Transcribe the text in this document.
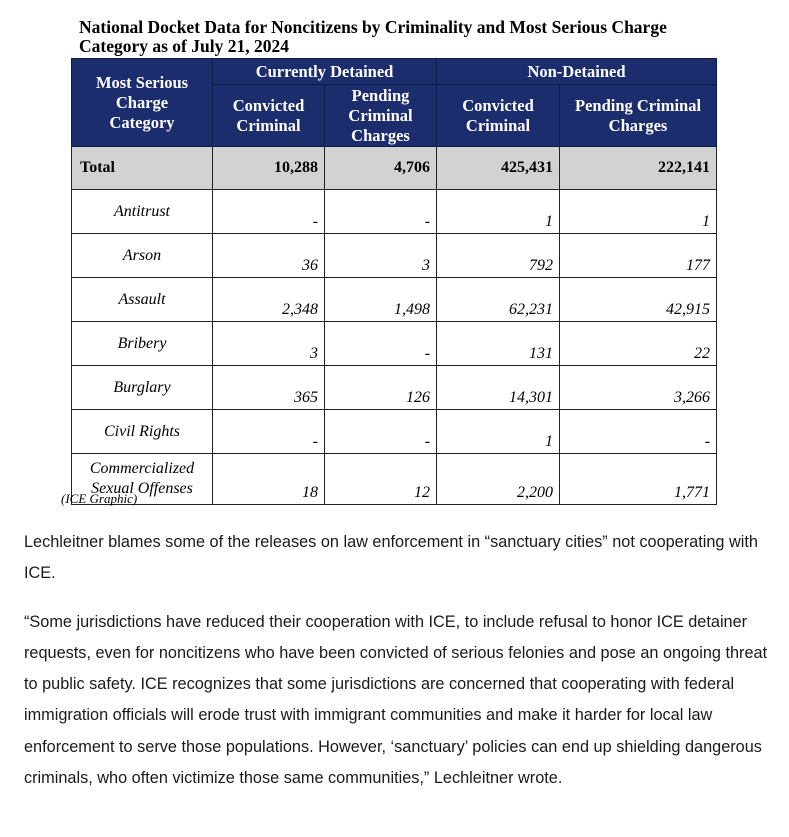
National Docket Data for Noncitizens by Criminality and Most Serious Charge Category as of July 21, 2024
Most Serious Charge Category	Currently Detained		Non-Detained	
	Convicted Criminal	Pending Criminal Charges	Convicted Criminal	Pending Criminal Charges
Total	10,288	4,706	425,431	222,141
Antitrust	-	-	1	1
Arson	36	3	792	177
Assault	2,348	1,498	62,231	42,915
Bribery	3	-	131	22
Burglary	365	126	14,301	3,266
Civil Rights	-	-	1	-
Commercialized Sexual Offenses	18	12	2,200	1,771

(ICE Graphic)

Lechleitner blames some of the releases on law enforcement in “sanctuary cities” not cooperating with ICE.

“Some jurisdictions have reduced their cooperation with ICE, to include refusal to honor ICE detainer requests, even for noncitizens who have been convicted of serious felonies and pose an ongoing threat to public safety. ICE recognizes that some jurisdictions are concerned that cooperating with federal immigration officials will erode trust with immigrant communities and make it harder for local law enforcement to serve those populations. However, ‘sanctuary’ policies can end up shielding dangerous criminals, who often victimize those same communities,” Lechleitner wrote.
